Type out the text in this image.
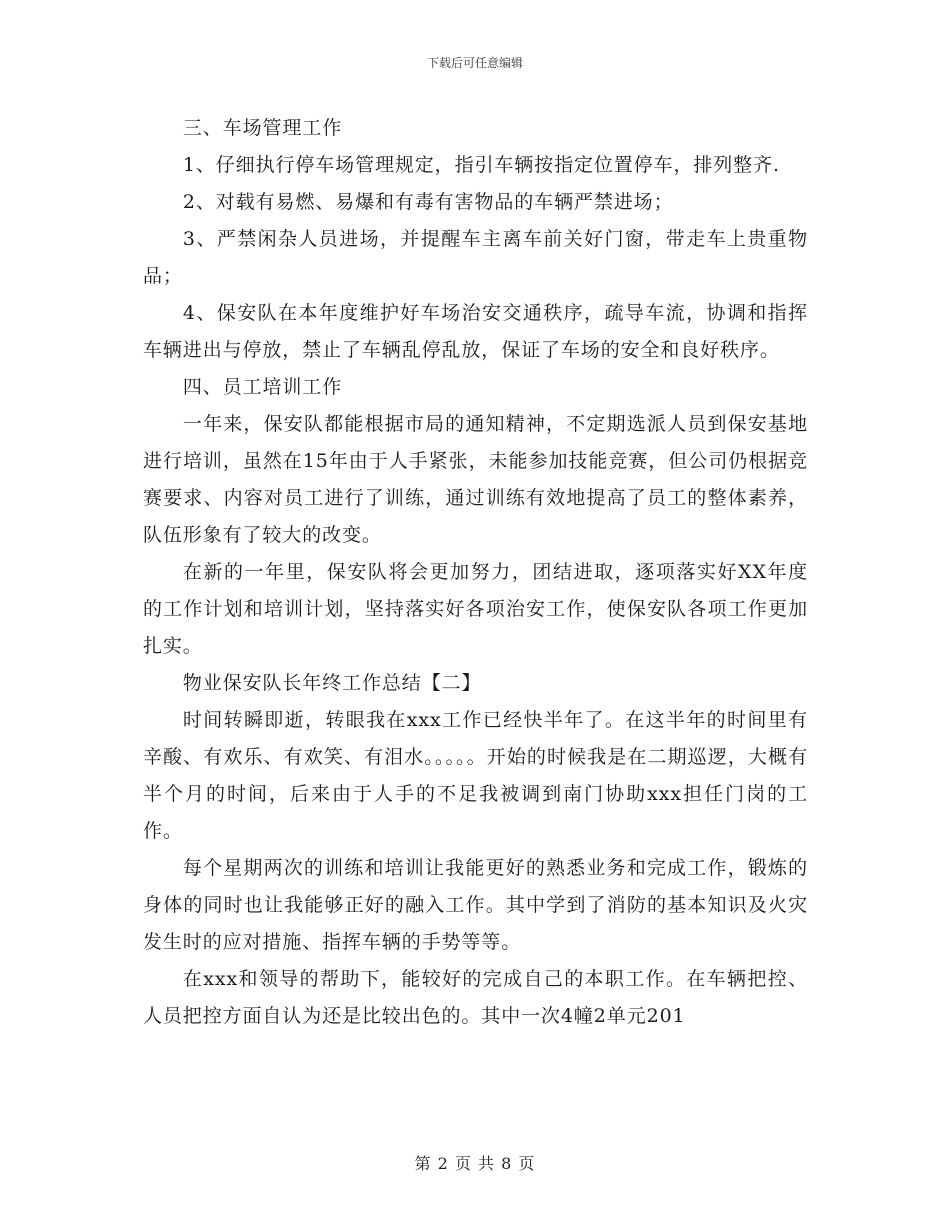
下载后可任意编辑

三、车场管理工作

1、仔细执行停车场管理规定，指引车辆按指定位置停车，排列整齐.

2、对载有易燃、易爆和有毒有害物品的车辆严禁进场；

3、严禁闲杂人员进场，并提醒车主离车前关好门窗，带走车上贵重物品；

4、保安队在本年度维护好车场治安交通秩序，疏导车流，协调和指挥车辆进出与停放，禁止了车辆乱停乱放，保证了车场的安全和良好秩序。

四、员工培训工作

一年来，保安队都能根据市局的通知精神，不定期选派人员到保安基地进行培训，虽然在15年由于人手紧张，未能参加技能竞赛，但公司仍根据竞赛要求、内容对员工进行了训练，通过训练有效地提高了员工的整体素养，队伍形象有了较大的改变。

在新的一年里，保安队将会更加努力，团结进取，逐项落实好XX年度的工作计划和培训计划，坚持落实好各项治安工作，使保安队各项工作更加扎实。

物业保安队长年终工作总结【二】

时间转瞬即逝，转眼我在xxx工作已经快半年了。在这半年的时间里有辛酸、有欢乐、有欢笑、有泪水。。。。。开始的时候我是在二期巡逻，大概有半个月的时间，后来由于人手的不足我被调到南门协助xxx担任门岗的工作。

每个星期两次的训练和培训让我能更好的熟悉业务和完成工作，锻炼的身体的同时也让我能够正好的融入工作。其中学到了消防的基本知识及火灾发生时的应对措施、指挥车辆的手势等等。

在xxx和领导的帮助下，能较好的完成自己的本职工作。在车辆把控、人员把控方面自认为还是比较出色的。其中一次4幢2单元201

第 2 页 共 8 页
